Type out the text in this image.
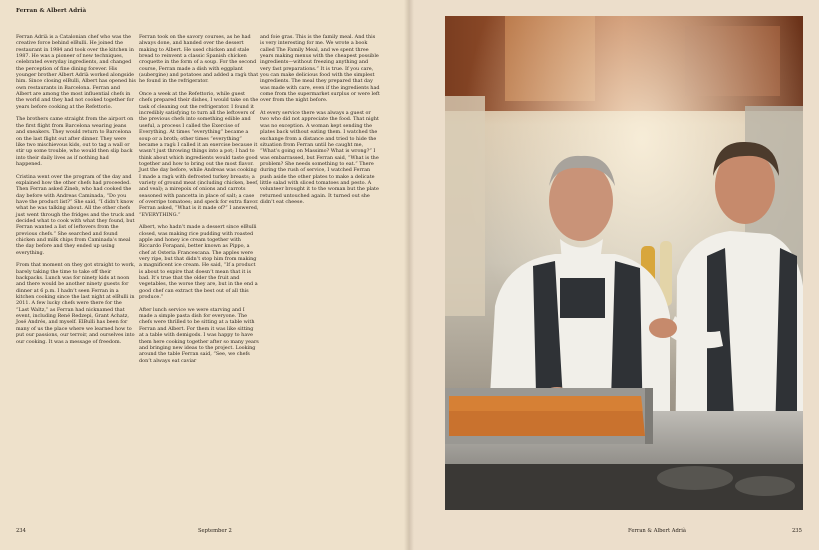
Ferran & Albert Adrià

Ferran Adrià is a Catalonian chef who was the creative force behind elBulli. He joined the restaurant in 1984 and took over the kitchen in 1987. He was a pioneer of new techniques, celebrated everyday ingredients, and changed the perception of fine dining forever. His younger brother Albert Adrià worked alongside him. Since closing elBulli, Albert has opened his own restaurants in Barcelona. Ferran and Albert are among the most influential chefs in the world and they had not cooked together for years before cooking at the Refettorio.

The brothers came straight from the airport on the first flight from Barcelona wearing jeans and sneakers. They would return to Barcelona on the last flight out after dinner. They were like two mischievous kids, out to tag a wall or stir up some trouble, who would then slip back into their daily lives as if nothing had happened.

Cristina went over the program of the day and explained how the other chefs had proceeded. Then Ferran asked Zineb, who had cooked the day before with Andreas Caminada, “Do you have the product list?” She said, “I didn’t know what he was talking about. All the other chefs just went through the fridges and the truck and decided what to cook with what they found, but Ferran wanted a list of leftovers from the previous chefs.” She searched and found chicken and milk chips from Caminada’s meal the day before and they ended up using everything.

From that moment on they got straight to work, barely taking the time to take off their backpacks. Lunch was for ninety kids at noon and there would be another ninety guests for dinner at 6 p.m. I hadn’t seen Ferran in a kitchen cooking since the last night at elBulli in 2011. A few lucky chefs were there for the “Last Waltz,” as Ferran had nicknamed that event, including René Redzepi, Grant Achatz, José Andrés, and myself. ElBulli has been for many of us the place where we learned how to put our passions, our terroir, and ourselves into our cooking. It was a message of freedom.

Ferran took on the savory courses, as he had always done, and handed over the dessert making to Albert. He used chicken and stale bread to reinvent a classic Spanish chicken croquette in the form of a soup. For the second course, Ferran made a dish with eggplant (aubergine) and potatoes and added a ragù that he found in the refrigerator.

Once a week at the Refettorio, while guest chefs prepared their dishes, I would take on the task of cleaning out the refrigerator. I found it incredibly satisfying to turn all the leftovers of the previous chefs into something edible and useful, a process I called the Exercise of Everything. At times “everything” became a soup or a broth; other times “everything” became a ragù I called it an exercise because it wasn’t just throwing things into a pot; I had to think about which ingredients would taste good together and how to bring out the most flavor. Just the day before, while Andreas was cooking I made a ragù with defrosted turkey breasts; a variety of ground meat (including chicken, beef, and veal); a mirepoix of onions and carrots seasoned with pancetta in place of salt; a case of overripe tomatoes; and speck for extra flavor. Ferran asked, “What is it made of?” I answered, “EVERYTHING.”

Albert, who hadn’t made a dessert since elBulli closed, was making rice pudding with roasted apple and honey ice cream together with Riccardo Forapani, better known as Pippo, a chef at Osteria Francescana. The apples were very ripe, but that didn’t stop him from making a magnificent ice cream. He said, “If a product is about to expire that doesn’t mean that it is bad. It’s true that the older the fruit and vegetables, the worse they are, but in the end a good chef can extract the best out of all this produce.”

After lunch service we were starving and I made a simple pasta dish for everyone. The chefs were thrilled to be sitting at a table with Ferran and Albert. For them it was like sitting at a table with demigods. I was happy to have them here cooking together after so many years and bringing new ideas to the project. Looking around the table Ferran said, “See, we chefs don’t always eat caviar

and foie gras. This is the family meal. And this is very interesting for me. We wrote a book called The Family Meal, and we spent three years making menus with the cheapest possible ingredients—without freezing anything and very fast preparations.” It is true. If you care, you can make delicious food with the simplest ingredients. The meal they prepared that day was made with care, even if the ingredients had come from the supermarket surplus or were left over from the night before.

At every service there was always a guest or two who did not appreciate the food. That night was no exception. A woman kept sending the plates back without eating them. I watched the exchange from a distance and tried to hide the situation from Ferran until he caught me, “What’s going on Massimo? What is wrong?” I was embarrassed, but Ferran said, “What is the problem? She needs something to eat.” There during the rush of service, I watched Ferran push aside the other plates to make a delicate little salad with sliced tomatoes and pesto. A volunteer brought it to the woman but the plate returned untouched again. It turned out she didn’t eat cheese.

234	September 2	Ferran & Albert Adrià	235
